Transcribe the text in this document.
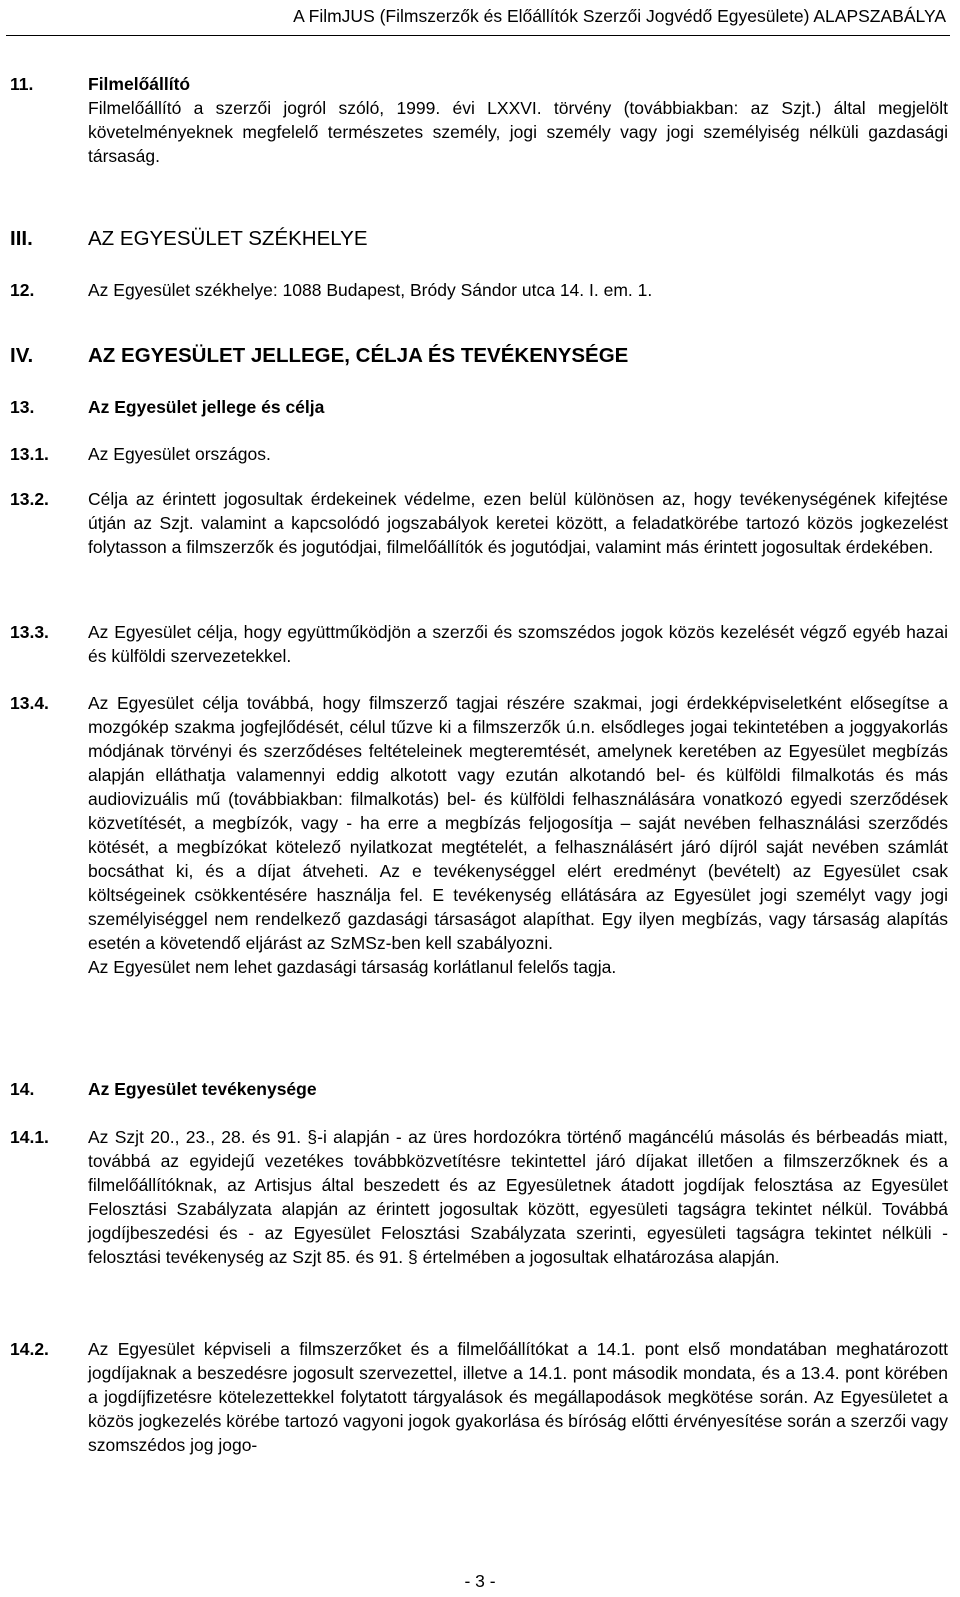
A FilmJUS (Filmszerzők és Előállítók Szerzői Jogvédő Egyesülete) ALAPSZABÁLYA
11.	Filmelőállító
Filmelőállító a szerzői jogról szóló, 1999. évi LXXVI. törvény (továbbiakban: az Szjt.) által megjelölt követelményeknek megfelelő természetes személy, jogi személy vagy jogi személyiség nélküli gazdasági társaság.
III.	AZ EGYESÜLET SZÉKHELYE
12.	Az Egyesület székhelye: 1088 Budapest, Bródy Sándor utca 14. I. em. 1.
IV.	AZ EGYESÜLET JELLEGE, CÉLJA ÉS TEVÉKENYSÉGE
13.	Az Egyesület jellege és célja
13.1. Az Egyesület országos.
13.2. Célja az érintett jogosultak érdekeinek védelme, ezen belül különösen az, hogy tevékenységének kifejtése útján az Szjt. valamint a kapcsolódó jogszabályok keretei között, a feladatkörébe tartozó közös jogkezelést folytasson a filmszerzők és jogutódjai, filmelőállítók és jogutódjai, valamint más érintett jogosultak érdekében.
13.3. Az Egyesület célja, hogy együttműködjön a szerzői és szomszédos jogok közös kezelését végző egyéb hazai és külföldi szervezetekkel.
13.4. Az Egyesület célja továbbá, hogy filmszerző tagjai részére szakmai, jogi érdekképviseletként elősegítse a mozgókép szakma jogfejlődését, célul tűzve ki a filmszerzők ú.n. elsődleges jogai tekintetében a joggyakorlás módjának törvényi és szerződéses feltételeinek megteremtését, amelynek keretében az Egyesület megbízás alapján elláthatja valamennyi eddig alkotott vagy ezután alkotandó bel- és külföldi filmalkotás és más audiovizuális mű (továbbiakban: filmalkotás) bel- és külföldi felhasználására vonatkozó egyedi szerződések közvetítését, a megbízók, vagy - ha erre a megbízás feljogosítja – saját nevében felhasználási szerződés kötését, a megbízókat kötelező nyilatkozat megtételét, a felhasználásért járó díjról saját nevében számlát bocsáthat ki, és a díjat átveheti. Az e tevékenységgel elért eredményt (bevételt) az Egyesület csak költségeinek csökkentésére használja fel. E tevékenység ellátására az Egyesület jogi személyt vagy jogi személyiséggel nem rendelkező gazdasági társaságot alapíthat. Egy ilyen megbízás, vagy társaság alapítás esetén a követendő eljárást az SzMSz-ben kell szabályozni.
Az Egyesület nem lehet gazdasági társaság korlátlanul felelős tagja.
14.	Az Egyesület tevékenysége
14.1. Az Szjt 20., 23., 28. és 91. §-i alapján - az üres hordozókra történő magáncélú másolás és bérbeadás miatt, továbbá az egyidejű vezetékes továbbközvetítésre tekintettel járó díjakat illetően a filmszerzőknek és a filmelőállítóknak, az Artisjus által beszedett és az Egyesületnek átadott jogdíjak felosztása az Egyesület Felosztási Szabályzata alapján az érintett jogosultak között, egyesületi tagságra tekintet nélkül. Továbbá jogdíjbeszedési és - az Egyesület Felosztási Szabályzata szerinti, egyesületi tagságra tekintet nélküli - felosztási tevékenység az Szjt 85. és 91. § értelmében a jogosultak elhatározása alapján.
14.2. Az Egyesület képviseli a filmszerzőket és a filmelőállítókat a 14.1. pont első mondatában meghatározott jogdíjaknak a beszedésre jogosult szervezettel, illetve a 14.1. pont második mondata, és a 13.4. pont körében a jogdíjfizetésre kötelezettekkel folytatott tárgyalások és megállapodások megkötése során. Az Egyesületet a közös jogkezelés körébe tartozó vagyoni jogok gyakorlása és bíróság előtti érvényesítése során a szerzői vagy szomszédos jog jogo-
- 3 -
